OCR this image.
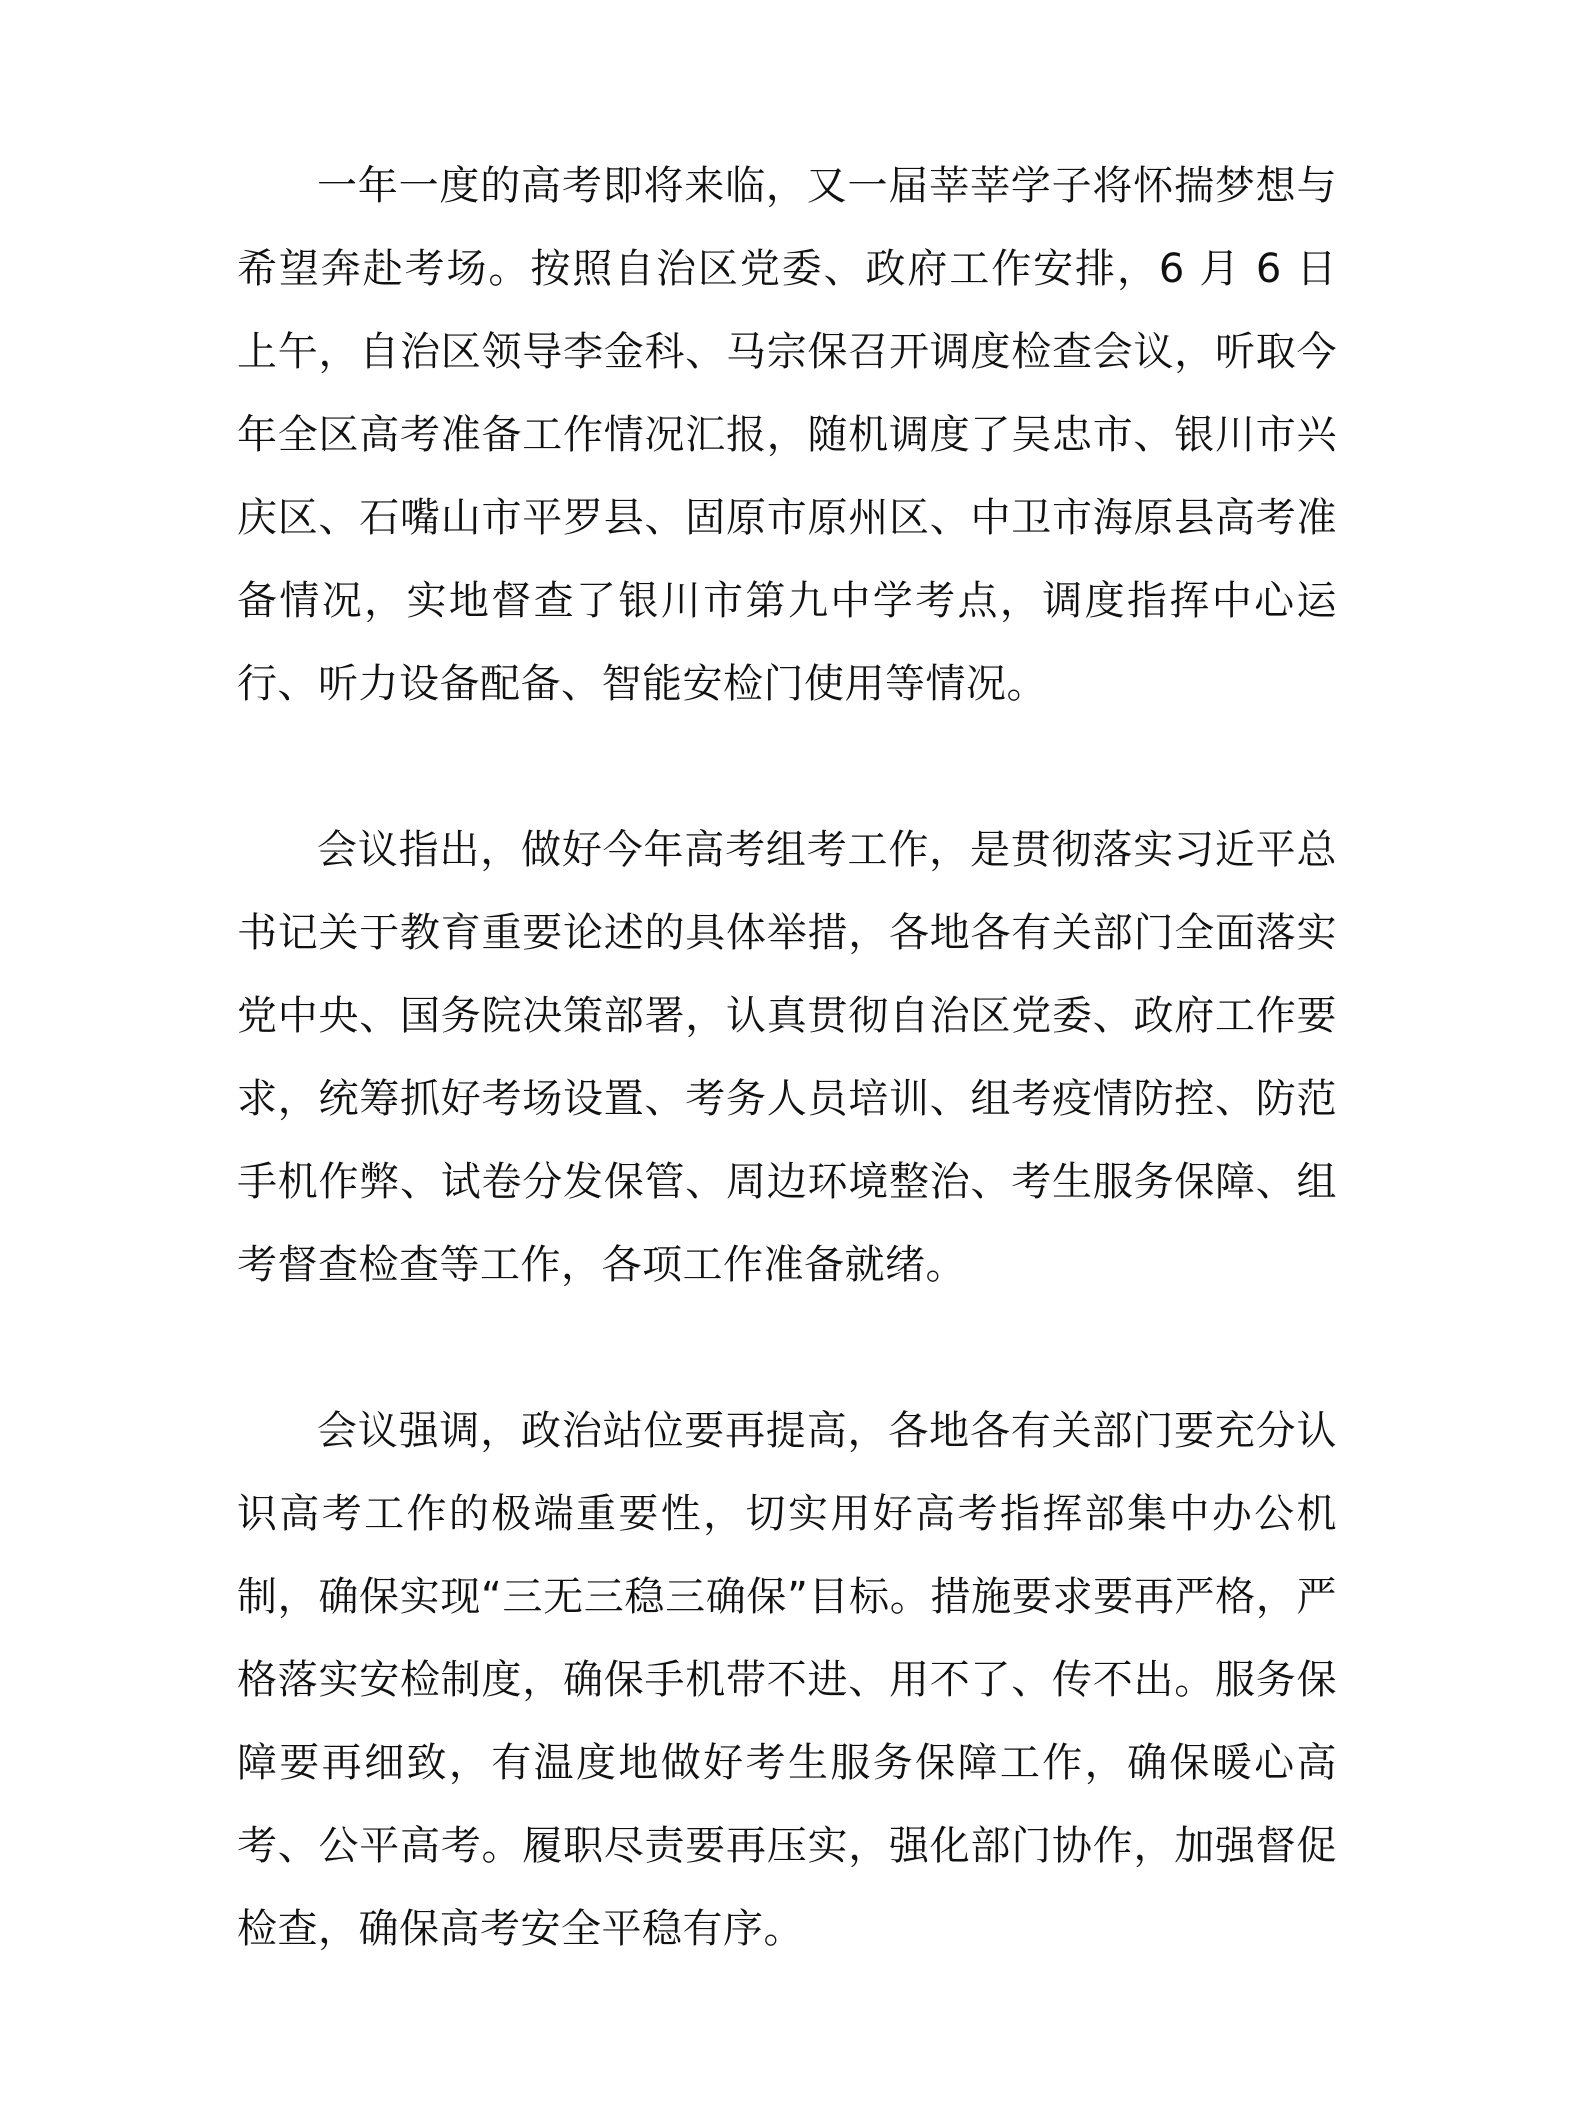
一年一度的高考即将来临，又一届莘莘学子将怀揣梦想与希望奔赴考场。按照自治区党委、政府工作安排，6 月 6 日上午，自治区领导李金科、马宗保召开调度检查会议，听取今年全区高考准备工作情况汇报，随机调度了吴忠市、银川市兴庆区、石嘴山市平罗县、固原市原州区、中卫市海原县高考准备情况，实地督查了银川市第九中学考点，调度指挥中心运行、听力设备配备、智能安检门使用等情况。

会议指出，做好今年高考组考工作，是贯彻落实习近平总书记关于教育重要论述的具体举措，各地各有关部门全面落实党中央、国务院决策部署，认真贯彻自治区党委、政府工作要求，统筹抓好考场设置、考务人员培训、组考疫情防控、防范手机作弊、试卷分发保管、周边环境整治、考生服务保障、组考督查检查等工作，各项工作准备就绪。

会议强调，政治站位要再提高，各地各有关部门要充分认识高考工作的极端重要性，切实用好高考指挥部集中办公机制，确保实现“三无三稳三确保”目标。措施要求要再严格，严格落实安检制度，确保手机带不进、用不了、传不出。服务保障要再细致，有温度地做好考生服务保障工作，确保暖心高考、公平高考。履职尽责要再压实，强化部门协作，加强督促检查，确保高考安全平稳有序。
